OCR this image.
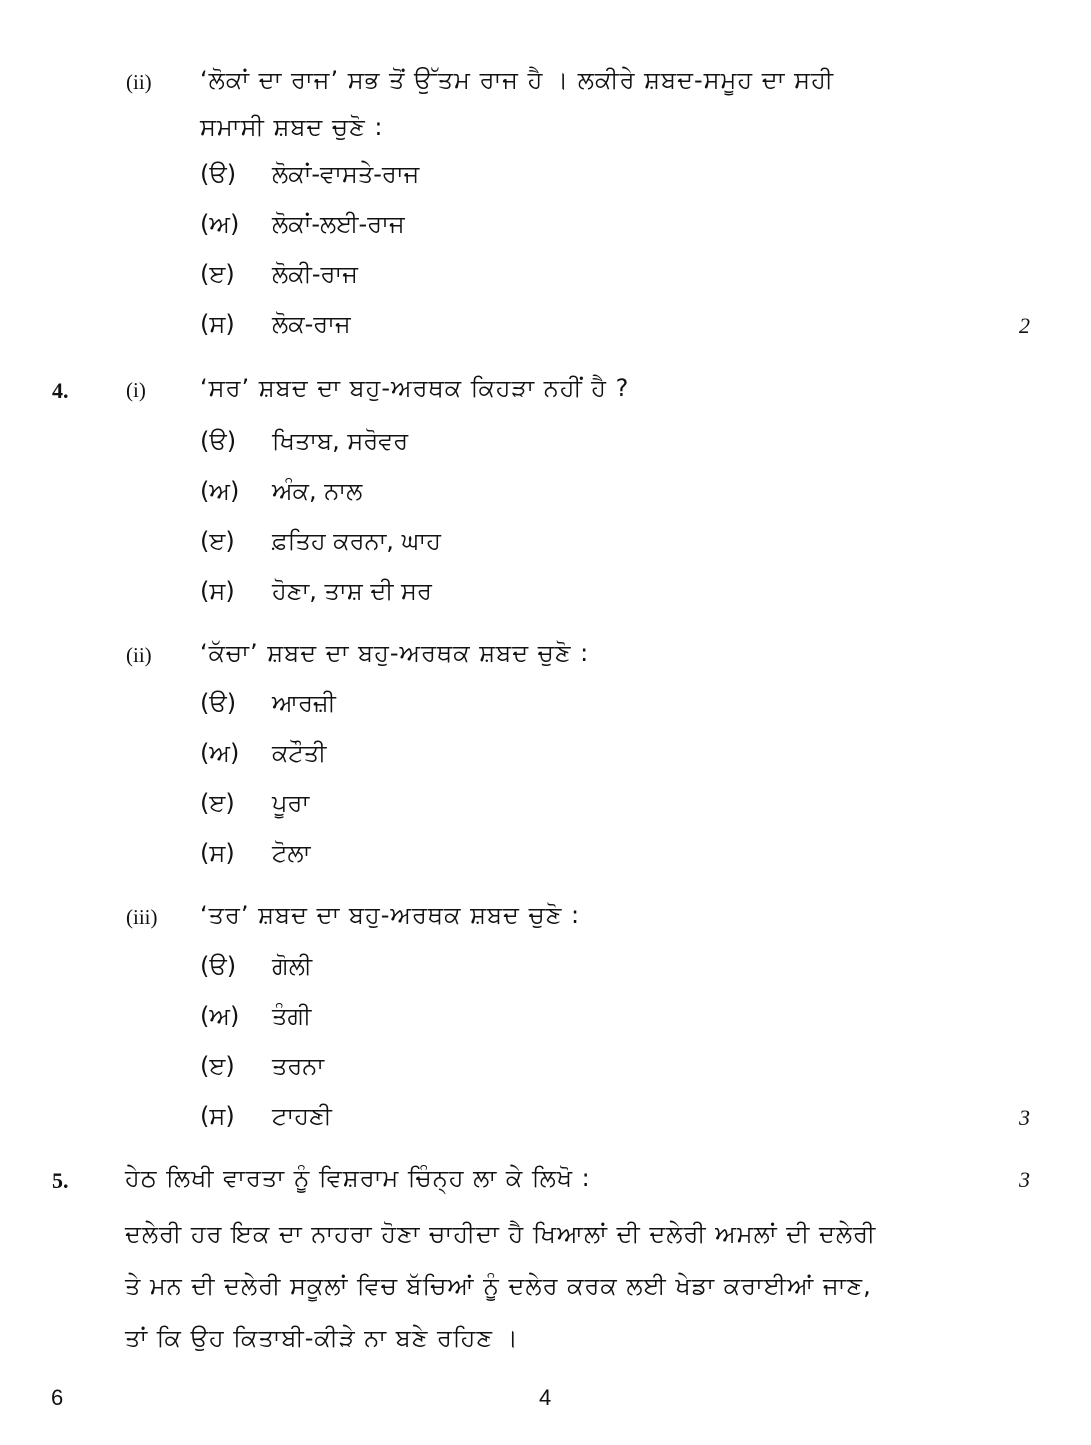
(ii) ‘ਲੋਕਾਂ ਦਾ ਰਾਜ’ ਸਭ ਤੋਂ ਉੱਤਮ ਰਾਜ ਹੈ । ਲਕੀਰੇ ਸ਼ਬਦ-ਸਮੂਹ ਦਾ ਸਹੀ
ਸਮਾਸੀ ਸ਼ਬਦ ਚੁਣੋ :
(ੳ) ਲੋਕਾਂ-ਵਾਸਤੇ-ਰਾਜ
(ਅ) ਲੋਕਾਂ-ਲਈ-ਰਾਜ
(ੲ) ਲੋਕੀ-ਰਾਜ
(ਸ) ਲੋਕ-ਰਾਜ	2
4.	(i) ‘ਸਰ’ ਸ਼ਬਦ ਦਾ ਬਹੁ-ਅਰਥਕ ਕਿਹੜਾ ਨਹੀਂ ਹੈ ?
(ੳ) ਖਿਤਾਬ, ਸਰੋਵਰ
(ਅ) ਅੰਕ, ਨਾਲ
(ੲ) ਫ਼ਤਿਹ ਕਰਨਾ, ਘਾਹ
(ਸ) ਹੋਣਾ, ਤਾਸ਼ ਦੀ ਸਰ
(ii) ‘ਕੱਚਾ’ ਸ਼ਬਦ ਦਾ ਬਹੁ-ਅਰਥਕ ਸ਼ਬਦ ਚੁਣੋ :
(ੳ) ਆਰਜ਼ੀ
(ਅ) ਕਟੌਤੀ
(ੲ) ਪੂਰਾ
(ਸ) ਟੋਲਾ
(iii) ‘ਤਰ’ ਸ਼ਬਦ ਦਾ ਬਹੁ-ਅਰਥਕ ਸ਼ਬਦ ਚੁਣੋ :
(ੳ) ਗੋਲੀ
(ਅ) ਤੰਗੀ
(ੲ) ਤਰਨਾ
(ਸ) ਟਾਹਣੀ	3
5. ਹੇਠ ਲਿਖੀ ਵਾਰਤਾ ਨੂੰ ਵਿਸ਼ਰਾਮ ਚਿੰਨ੍ਹ ਲਾ ਕੇ ਲਿਖੋ :	3
ਦਲੇਰੀ ਹਰ ਇਕ ਦਾ ਨਾਹਰਾ ਹੋਣਾ ਚਾਹੀਦਾ ਹੈ ਖਿਆਲਾਂ ਦੀ ਦਲੇਰੀ ਅਮਲਾਂ ਦੀ ਦਲੇਰੀ
ਤੇ ਮਨ ਦੀ ਦਲੇਰੀ ਸਕੂਲਾਂ ਵਿਚ ਬੱਚਿਆਂ ਨੂੰ ਦਲੇਰ ਕਰਕ ਲਈ ਖੇਡਾ ਕਰਾਈਆਂ ਜਾਣ,
ਤਾਂ ਕਿ ਉਹ ਕਿਤਾਬੀ-ਕੀੜੇ ਨਾ ਬਣੇ ਰਹਿਣ ।
6	4
